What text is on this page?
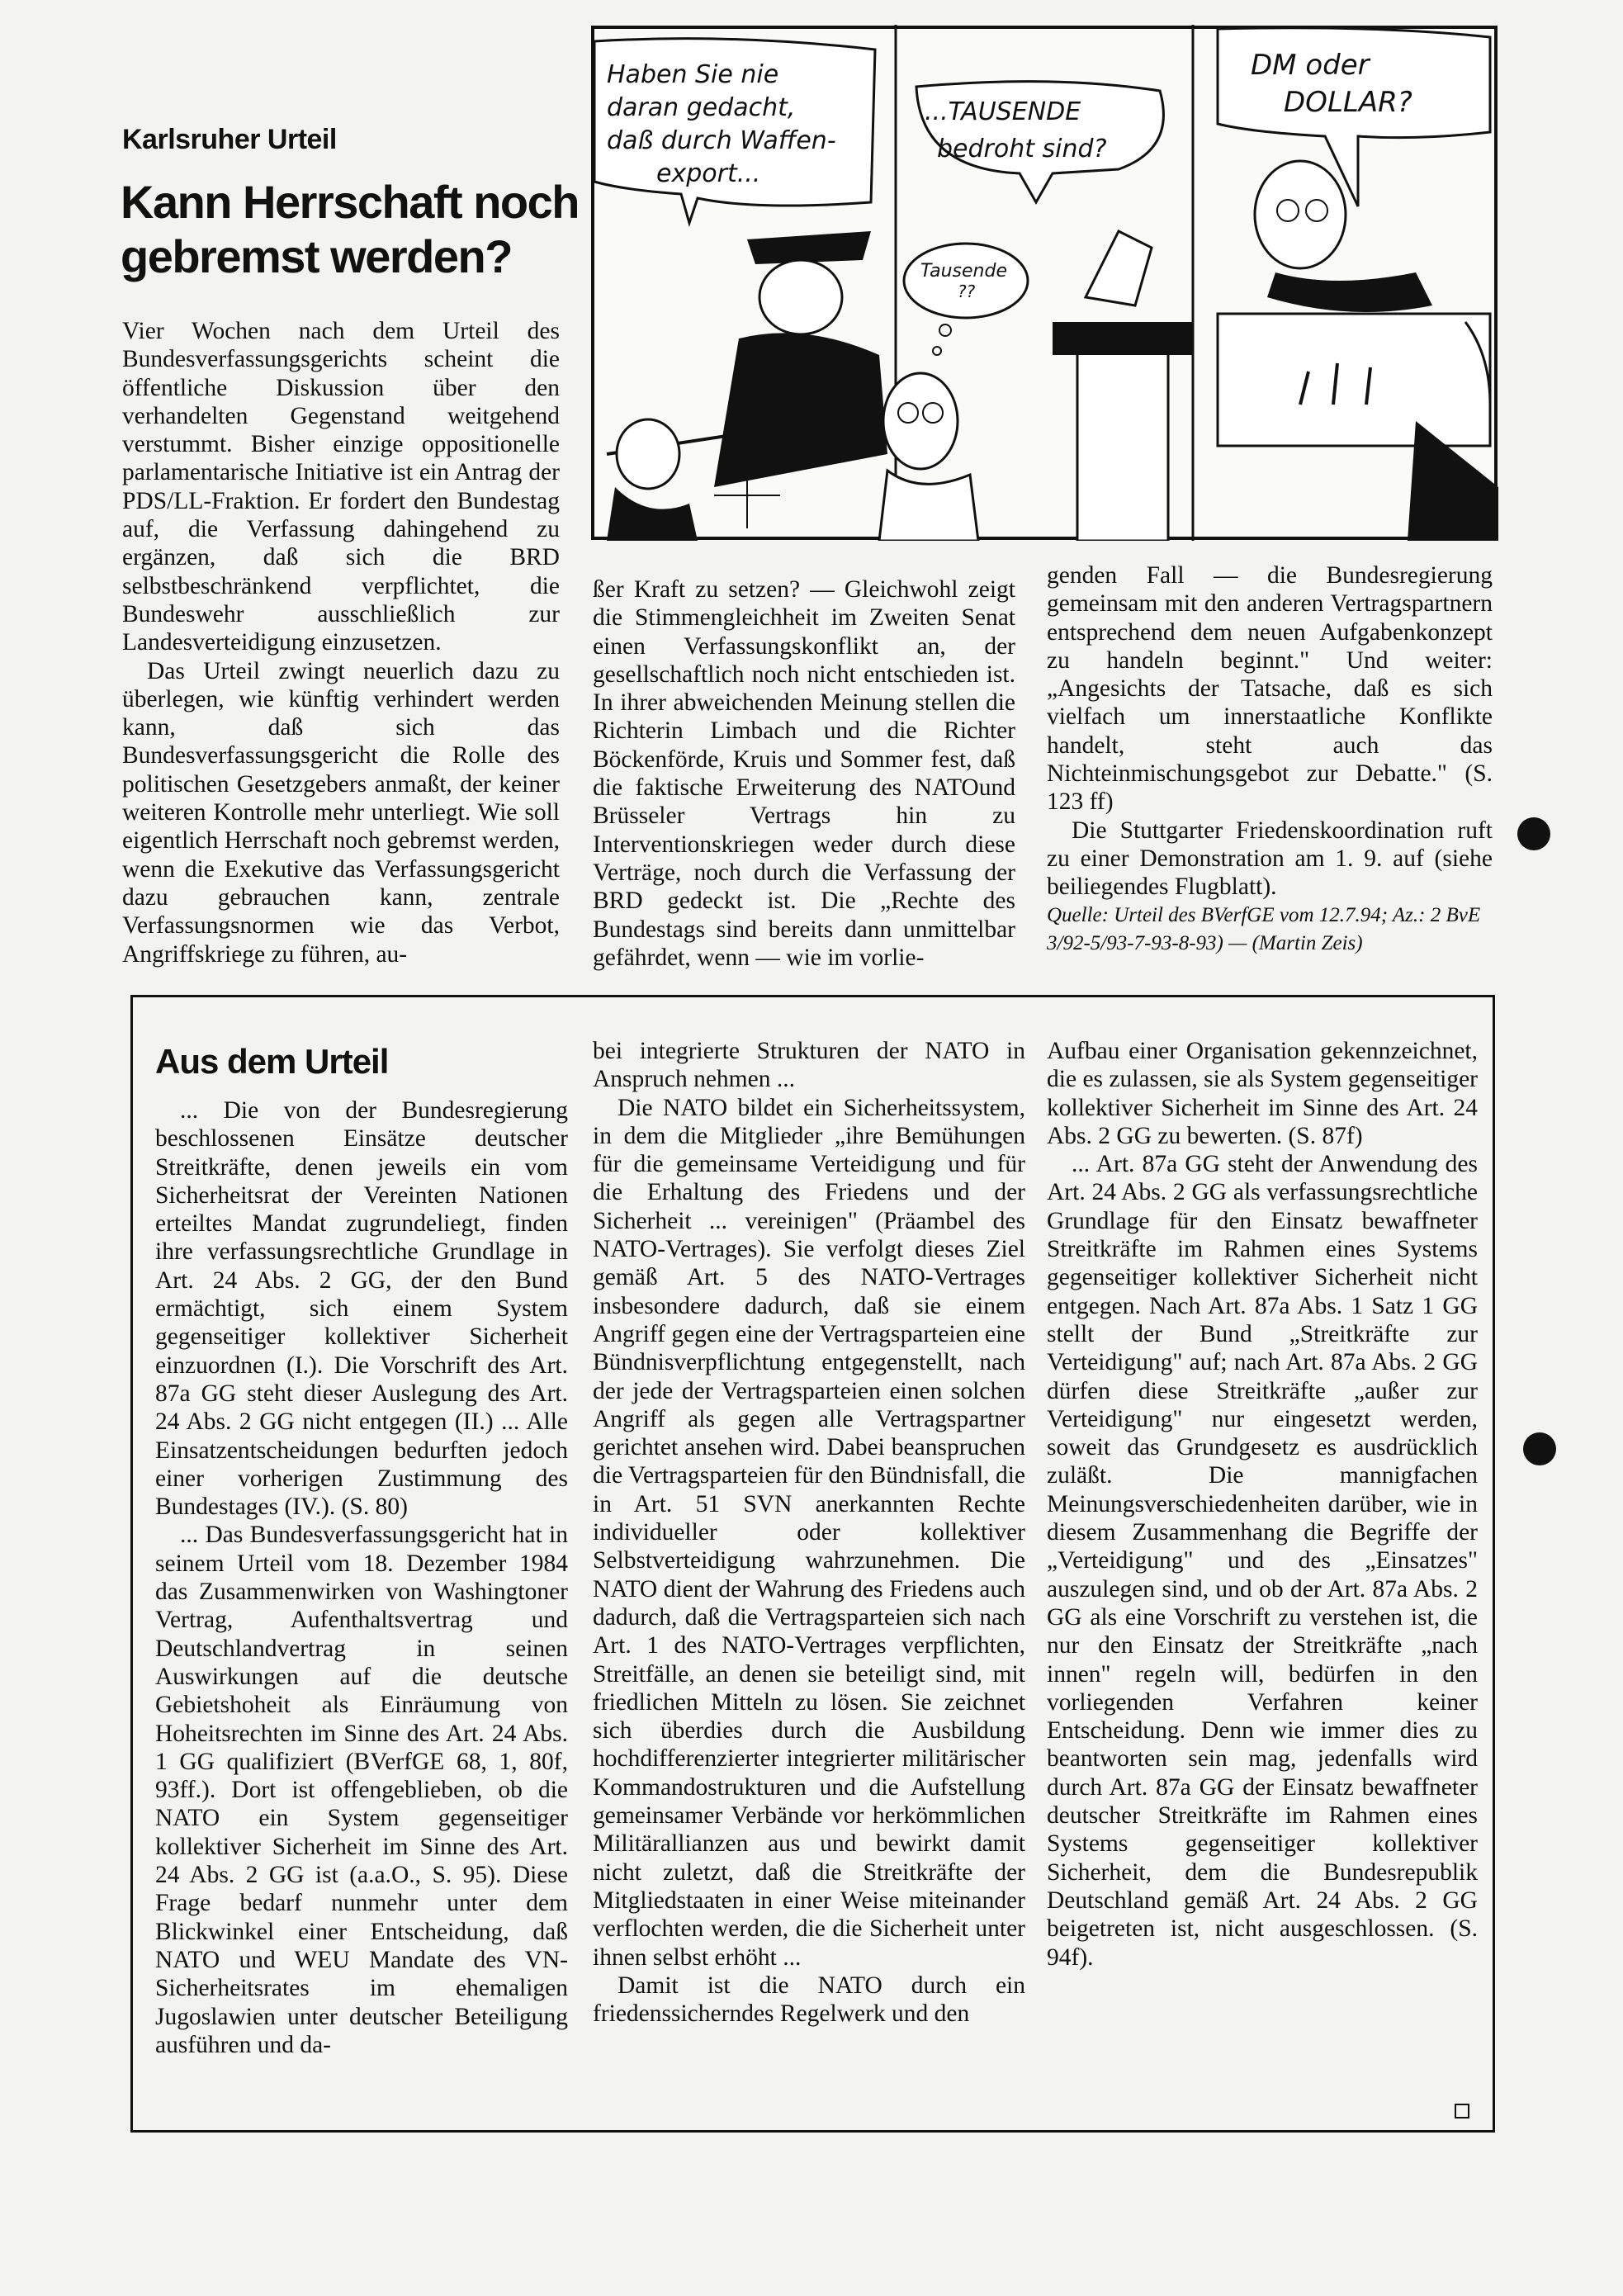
Karlsruher Urteil
Kann Herrschaft noch
gebremst werden?

Vier Wochen nach dem Urteil des Bundesverfassungsgerichts scheint die öffentliche Diskussion über den verhandelten Gegenstand weitgehend verstummt. Bisher einzige oppositionelle parlamentarische Initiative ist ein Antrag der PDS/LL-Fraktion. Er fordert den Bundestag auf, die Verfassung dahingehend zu ergänzen, daß sich die BRD selbstbeschränkend verpflichtet, die Bundeswehr ausschließlich zur Landesverteidigung einzusetzen.

Das Urteil zwingt neuerlich dazu zu überlegen, wie künftig verhindert werden kann, daß sich das Bundesverfassungsgericht die Rolle des politischen Gesetzgebers anmaßt, der keiner weiteren Kontrolle mehr unterliegt. Wie soll eigentlich Herrschaft noch gebremst werden, wenn die Exekutive das Verfassungsgericht dazu gebrauchen kann, zentrale Verfassungsnormen wie das Verbot, Angriffskriege zu führen, au-

Haben Sie nie
daran gedacht,
daß durch Waffen-
export...
...TAUSENDE
bedroht sind?
Tausende
??
DM oder
DOLLAR?

ßer Kraft zu setzen? — Gleichwohl zeigt die Stimmengleichheit im Zweiten Senat einen Verfassungskonflikt an, der gesellschaftlich noch nicht entschieden ist. In ihrer abweichenden Meinung stellen die Richterin Limbach und die Richter Böckenförde, Kruis und Sommer fest, daß die faktische Erweiterung des NATOund Brüsseler Vertrags hin zu Interventionskriegen weder durch diese Verträge, noch durch die Verfassung der BRD gedeckt ist. Die „Rechte des Bundestags sind bereits dann unmittelbar gefährdet, wenn — wie im vorlie-

genden Fall — die Bundesregierung gemeinsam mit den anderen Vertragspartnern entsprechend dem neuen Aufgabenkonzept zu handeln beginnt." Und weiter: „Angesichts der Tatsache, daß es sich vielfach um innerstaatliche Konflikte handelt, steht auch das Nichteinmischungsgebot zur Debatte." (S. 123 ff)

Die Stuttgarter Friedenskoordination ruft zu einer Demonstration am 1. 9. auf (siehe beiliegendes Flugblatt).

Quelle: Urteil des BVerfGE vom 12.7.94; Az.: 2 BvE 3/92-5/93-7-93-8-93) — (Martin Zeis)

Aus dem Urteil

... Die von der Bundesregierung beschlossenen Einsätze deutscher Streitkräfte, denen jeweils ein vom Sicherheitsrat der Vereinten Nationen erteiltes Mandat zugrundeliegt, finden ihre verfassungsrechtliche Grundlage in Art. 24 Abs. 2 GG, der den Bund ermächtigt, sich einem System gegenseitiger kollektiver Sicherheit einzuordnen (I.). Die Vorschrift des Art. 87a GG steht dieser Auslegung des Art. 24 Abs. 2 GG nicht entgegen (II.) ... Alle Einsatzentscheidungen bedurften jedoch einer vorherigen Zustimmung des Bundestages (IV.). (S. 80)

... Das Bundesverfassungsgericht hat in seinem Urteil vom 18. Dezember 1984 das Zusammenwirken von Washingtoner Vertrag, Aufenthaltsvertrag und Deutschlandvertrag in seinen Auswirkungen auf die deutsche Gebietshoheit als Einräumung von Hoheitsrechten im Sinne des Art. 24 Abs. 1 GG qualifiziert (BVerfGE 68, 1, 80f, 93ff.). Dort ist offengeblieben, ob die NATO ein System gegenseitiger kollektiver Sicherheit im Sinne des Art. 24 Abs. 2 GG ist (a.a.O., S. 95). Diese Frage bedarf nunmehr unter dem Blickwinkel einer Entscheidung, daß NATO und WEU Mandate des VN-Sicherheitsrates im ehemaligen Jugoslawien unter deutscher Beteiligung ausführen und da-

bei integrierte Strukturen der NATO in Anspruch nehmen ...

Die NATO bildet ein Sicherheitssystem, in dem die Mitglieder „ihre Bemühungen für die gemeinsame Verteidigung und für die Erhaltung des Friedens und der Sicherheit ... vereinigen" (Präambel des NATO-Vertrages). Sie verfolgt dieses Ziel gemäß Art. 5 des NATO-Vertrages insbesondere dadurch, daß sie einem Angriff gegen eine der Vertragsparteien eine Bündnisverpflichtung entgegenstellt, nach der jede der Vertragsparteien einen solchen Angriff als gegen alle Vertragspartner gerichtet ansehen wird. Dabei beanspruchen die Vertragsparteien für den Bündnisfall, die in Art. 51 SVN anerkannten Rechte individueller oder kollektiver Selbstverteidigung wahrzunehmen. Die NATO dient der Wahrung des Friedens auch dadurch, daß die Vertragsparteien sich nach Art. 1 des NATO-Vertrages verpflichten, Streitfälle, an denen sie beteiligt sind, mit friedlichen Mitteln zu lösen. Sie zeichnet sich überdies durch die Ausbildung hochdifferenzierter integrierter militärischer Kommandostrukturen und die Aufstellung gemeinsamer Verbände vor herkömmlichen Militärallianzen aus und bewirkt damit nicht zuletzt, daß die Streitkräfte der Mitgliedstaaten in einer Weise miteinander verflochten werden, die die Sicherheit unter ihnen selbst erhöht ...

Damit ist die NATO durch ein friedenssicherndes Regelwerk und den

Aufbau einer Organisation gekennzeichnet, die es zulassen, sie als System gegenseitiger kollektiver Sicherheit im Sinne des Art. 24 Abs. 2 GG zu bewerten. (S. 87f)

... Art. 87a GG steht der Anwendung des Art. 24 Abs. 2 GG als verfassungsrechtliche Grundlage für den Einsatz bewaffneter Streitkräfte im Rahmen eines Systems gegenseitiger kollektiver Sicherheit nicht entgegen. Nach Art. 87a Abs. 1 Satz 1 GG stellt der Bund „Streitkräfte zur Verteidigung" auf; nach Art. 87a Abs. 2 GG dürfen diese Streitkräfte „außer zur Verteidigung" nur eingesetzt werden, soweit das Grundgesetz es ausdrücklich zuläßt. Die mannigfachen Meinungsverschiedenheiten darüber, wie in diesem Zusammenhang die Begriffe der „Verteidigung" und des „Einsatzes" auszulegen sind, und ob der Art. 87a Abs. 2 GG als eine Vorschrift zu verstehen ist, die nur den Einsatz der Streitkräfte „nach innen" regeln will, bedürfen in den vorliegenden Verfahren keiner Entscheidung. Denn wie immer dies zu beantworten sein mag, jedenfalls wird durch Art. 87a GG der Einsatz bewaffneter deutscher Streitkräfte im Rahmen eines Systems gegenseitiger kollektiver Sicherheit, dem die Bundesrepublik Deutschland gemäß Art. 24 Abs. 2 GG beigetreten ist, nicht ausgeschlossen. (S. 94f).
